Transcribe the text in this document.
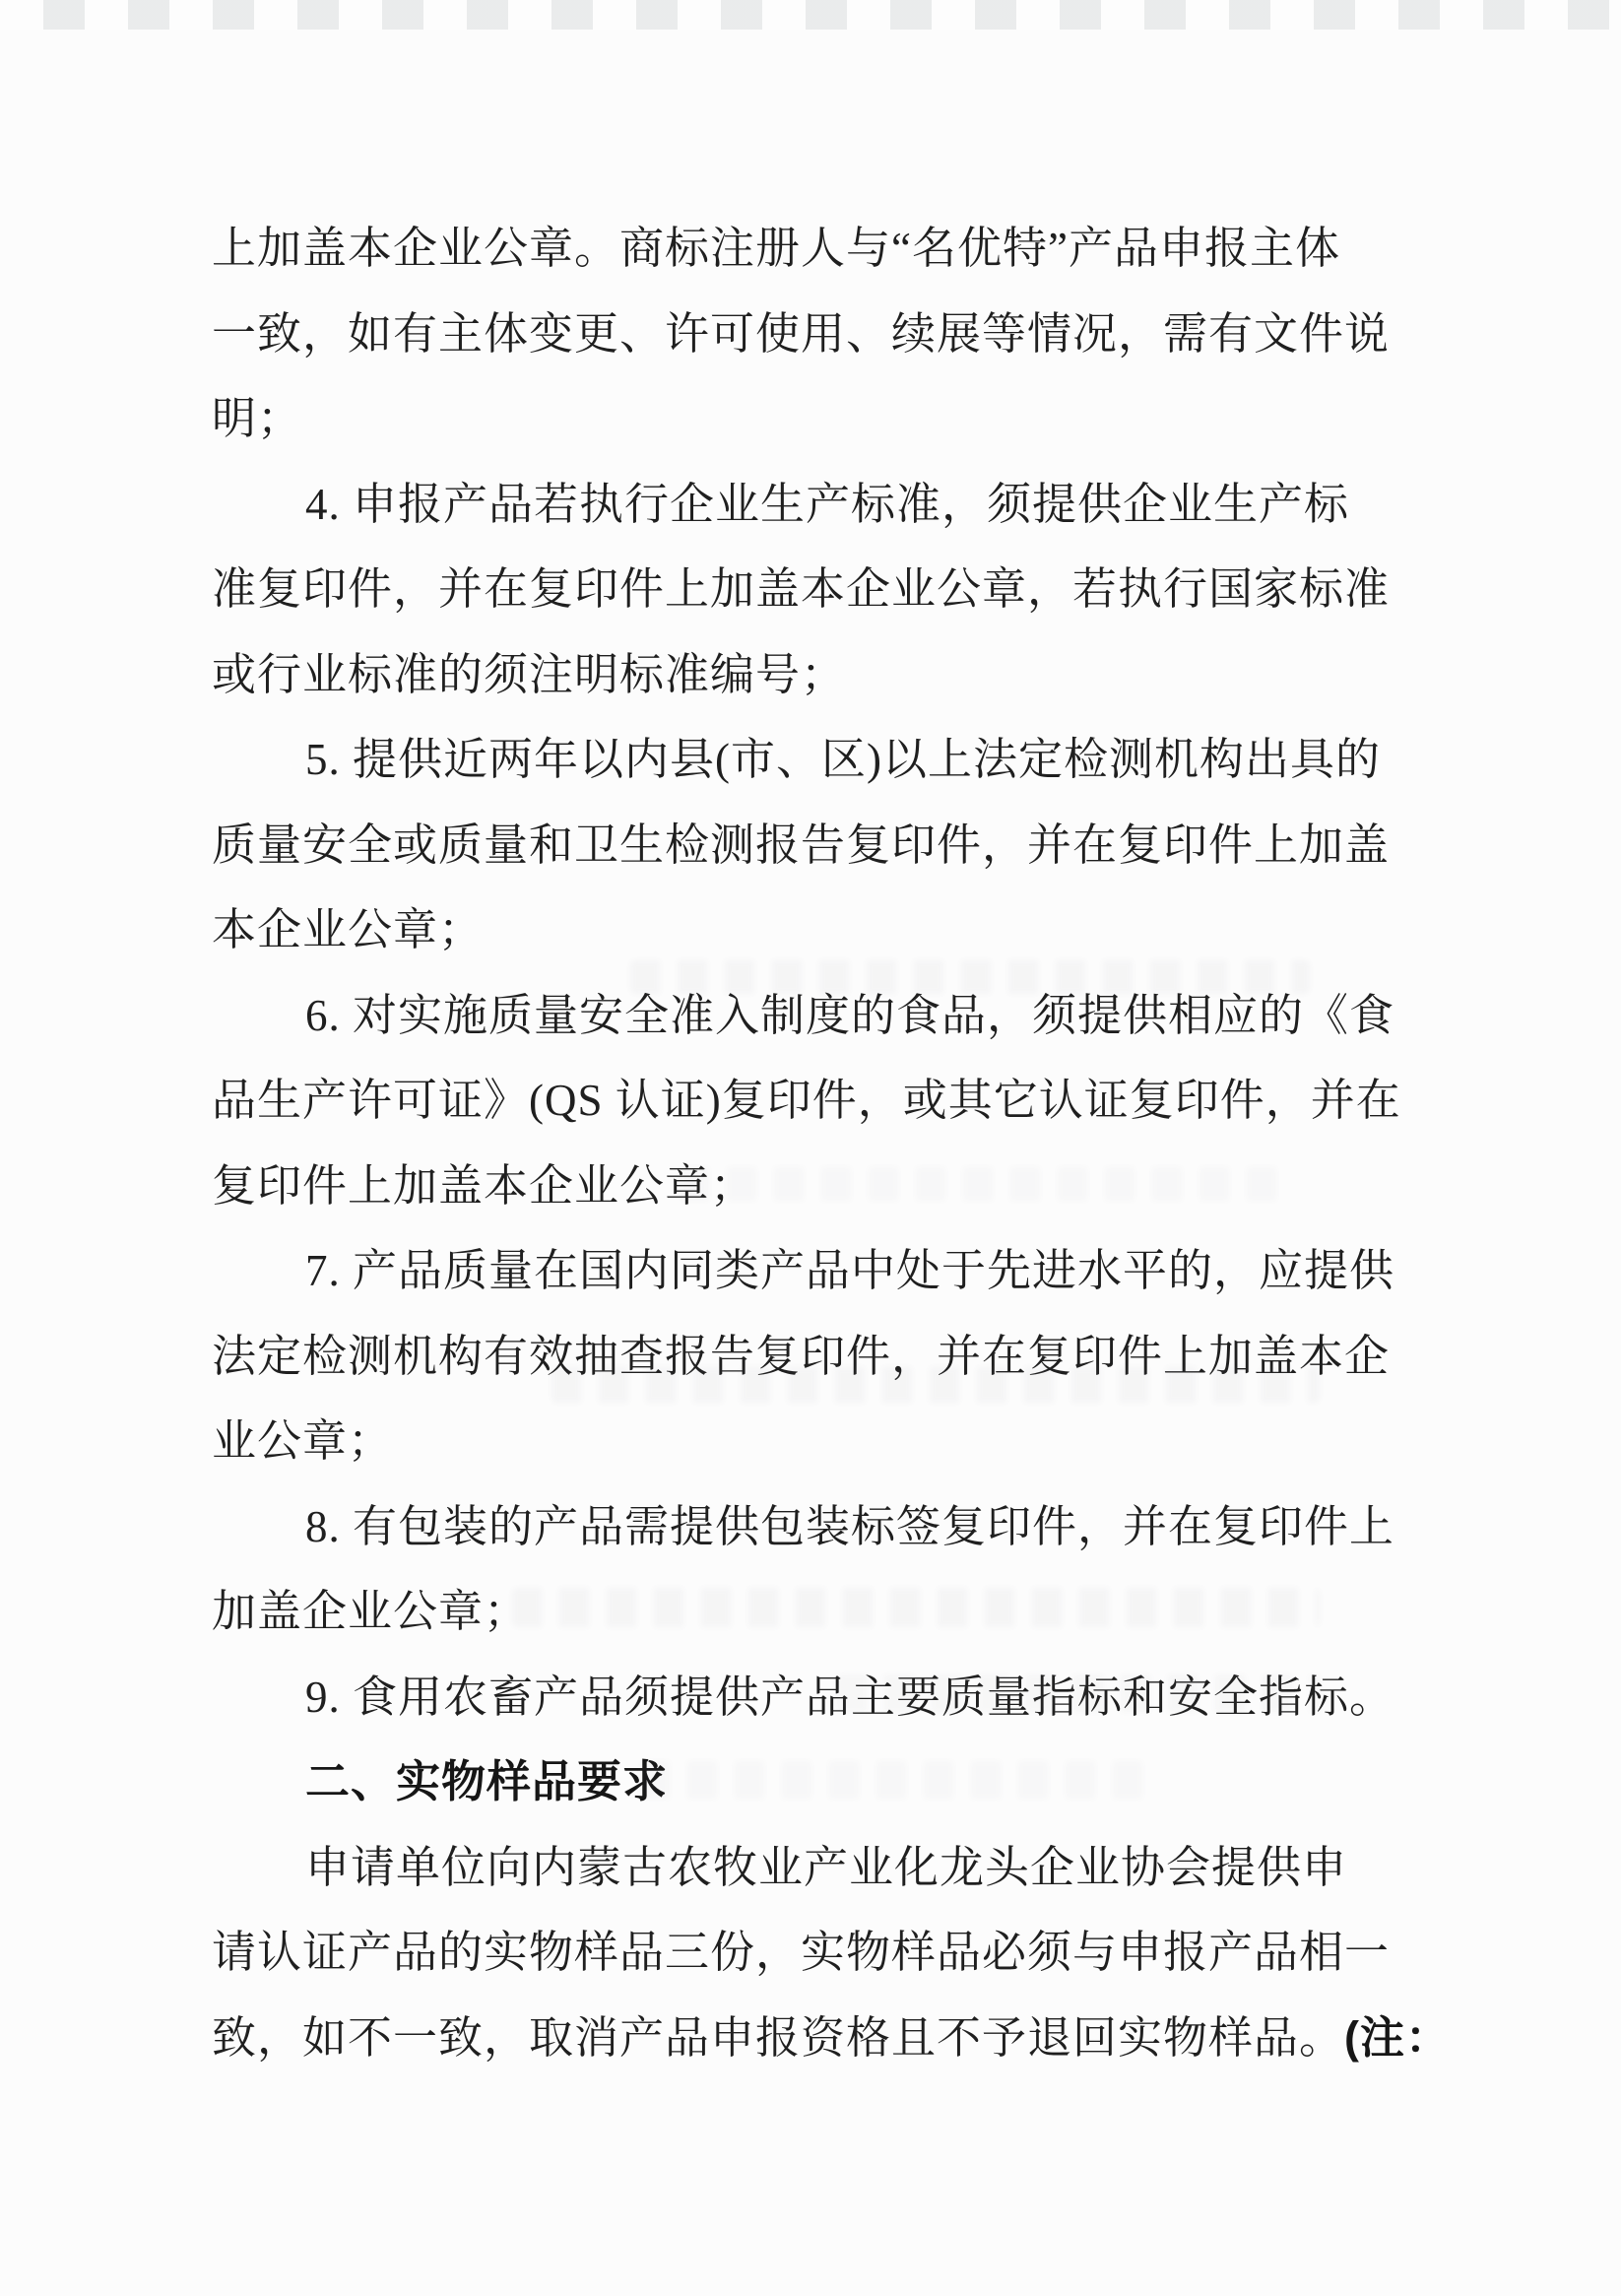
上加盖本企业公章。商标注册人与“名优特”产品申报主体
一致，如有主体变更、许可使用、续展等情况，需有文件说
明；
4. 申报产品若执行企业生产标准，须提供企业生产标
准复印件，并在复印件上加盖本企业公章，若执行国家标准
或行业标准的须注明标准编号；
5. 提供近两年以内县(市、区)以上法定检测机构出具的
质量安全或质量和卫生检测报告复印件，并在复印件上加盖
本企业公章；
6. 对实施质量安全准入制度的食品，须提供相应的《食
品生产许可证》(QS 认证)复印件，或其它认证复印件，并在
复印件上加盖本企业公章；
7. 产品质量在国内同类产品中处于先进水平的，应提供
法定检测机构有效抽查报告复印件，并在复印件上加盖本企
业公章；
8. 有包装的产品需提供包装标签复印件，并在复印件上
加盖企业公章；
9. 食用农畜产品须提供产品主要质量指标和安全指标。
二、实物样品要求
申请单位向内蒙古农牧业产业化龙头企业协会提供申
请认证产品的实物样品三份，实物样品必须与申报产品相一
致，如不一致，取消产品申报资格且不予退回实物样品。(注：
